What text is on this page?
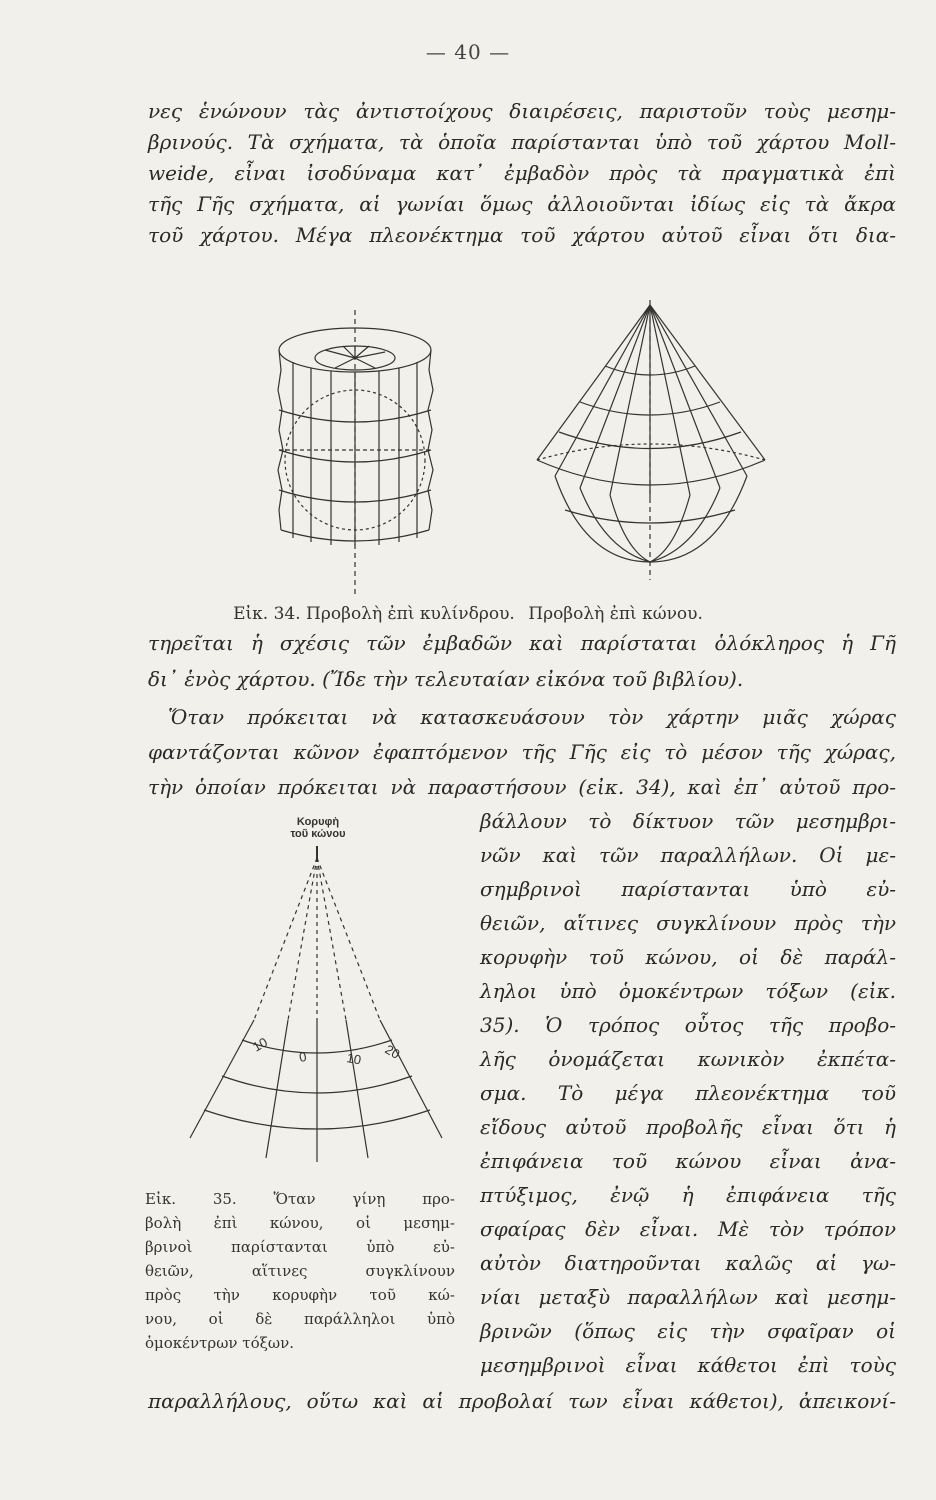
— 40 —
νες ἑνώνουν τὰς ἀντιστοίχους διαιρέσεις, παριστοῦν τοὺς μεσημ-
βρινούς. Τὰ σχήματα, τὰ ὁποῖα παρίστανται ὑπὸ τοῦ χάρτου Moll-
weide, εἶναι ἰσοδύναμα κατ᾽ ἐμβαδὸν πρὸς τὰ πραγματικὰ ἐπὶ
τῆς Γῆς σχήματα, αἱ γωνίαι ὅμως ἀλλοιοῦνται ἰδίως εἰς τὰ ἄκρα
τοῦ χάρτου. Μέγα πλεονέκτημα τοῦ χάρτου αὐτοῦ εἶναι ὅτι δια-
Εἰκ. 34. Προβολὴ ἐπὶ κυλίνδρου. Προβολὴ ἐπὶ κώνου.
τηρεῖται ἡ σχέσις τῶν ἐμβαδῶν καὶ παρίσταται ὁλόκληρος ἡ Γῆ
δι᾽ ἑνὸς χάρτου. (Ἴδε τὴν τελευταίαν εἰκόνα τοῦ βιβλίου).
Ὅταν πρόκειται νὰ κατασκευάσουν τὸν χάρτην μιᾶς χώρας
φαντάζονται κῶνον ἐφαπτόμενον τῆς Γῆς εἰς τὸ μέσον τῆς χώρας,
τὴν ὁποίαν πρόκειται νὰ παραστήσουν (εἰκ. 34), καὶ ἐπ᾽ αὐτοῦ προ-
Κορυφὴ
τοῦ κώνου
10
0	10 20
Εἰκ. 35. Ὅταν γίνῃ προ-
βολὴ ἐπὶ κώνου, οἱ μεσημ-
βρινοὶ παρίστανται ὑπὸ εὐ-
θειῶν, αἵτινες συγκλίνουν
πρὸς τὴν κορυφὴν τοῦ κώ-
νου, οἱ δὲ παράλληλοι ὑπὸ
ὁμοκέντρων τόξων.
βάλλουν τὸ δίκτυον τῶν μεσημβρι-
νῶν καὶ τῶν παραλλήλων. Οἱ με-
σημβρινοὶ παρίστανται ὑπὸ εὐ-
θειῶν, αἵτινες συγκλίνουν πρὸς τὴν
κορυφὴν τοῦ κώνου, οἱ δὲ παράλ-
ληλοι ὑπὸ ὁμοκέντρων τόξων (εἰκ.
35). Ὁ τρόπος οὗτος τῆς προβο-
λῆς ὀνομάζεται κωνικὸν ἐκπέτα-
σμα. Τὸ μέγα πλεονέκτημα τοῦ
εἴδους αὐτοῦ προβολῆς εἶναι ὅτι ἡ
ἐπιφάνεια τοῦ κώνου εἶναι ἀνα-
πτύξιμος, ἐνῷ ἡ ἐπιφάνεια τῆς
σφαίρας δὲν εἶναι. Μὲ τὸν τρόπον
αὐτὸν διατηροῦνται καλῶς αἱ γω-
νίαι μεταξὺ παραλλήλων καὶ μεσημ-
βρινῶν (ὅπως εἰς τὴν σφαῖραν οἱ
μεσημβρινοὶ εἶναι κάθετοι ἐπὶ τοὺς
παραλλήλους, οὕτω καὶ αἱ προβολαί των εἶναι κάθετοι), ἀπεικονί-
